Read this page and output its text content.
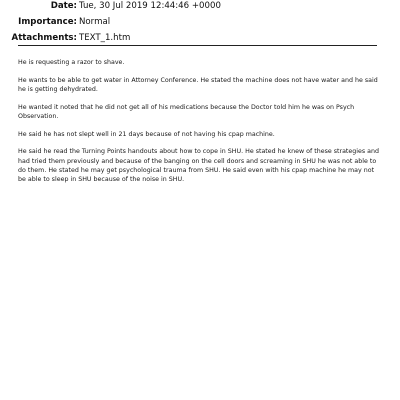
Date: Tue, 30 Jul 2019 12:44:46 +0000
Importance: Normal
Attachments: TEXT_1.htm

He is requesting a razor to shave.

He wants to be able to get water in Attorney Conference. He stated the machine does not have water and he said he is getting dehydrated.

He wanted it noted that he did not get all of his medications because the Doctor told him he was on Psych Observation.

He said he has not slept well in 21 days because of not having his cpap machine.

He said he read the Turning Points handouts about how to cope in SHU. He stated he knew of these strategies and had tried them previously and because of the banging on the cell doors and screaming in SHU he was not able to do them. He stated he may get psychological trauma from SHU. He said even with his cpap machine he may not be able to sleep in SHU because of the noise in SHU.
